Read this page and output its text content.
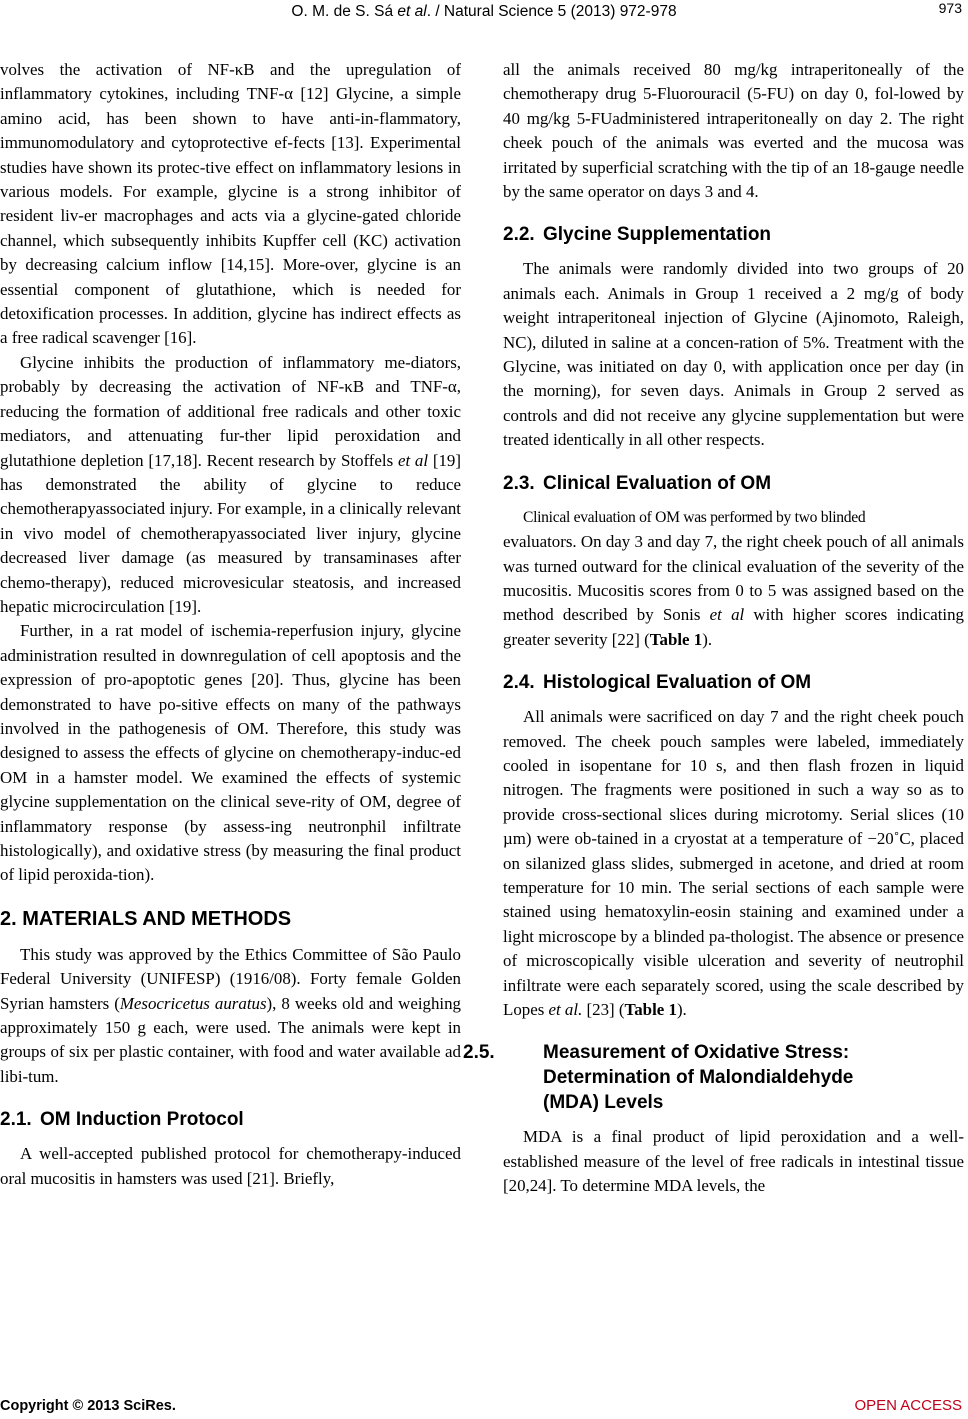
O. M. de S. Sá et al. / Natural Science 5 (2013) 972-978	973

volves the activation of NF-κB and the upregulation of inflammatory cytokines, including TNF-α [12] Glycine, a simple amino acid, has been shown to have anti-in-flammatory, immunomodulatory and cytoprotective ef-fects [13]. Experimental studies have shown its protec-tive effect on inflammatory lesions in various models. For example, glycine is a strong inhibitor of resident liv-er macrophages and acts via a glycine-gated chloride channel, which subsequently inhibits Kupffer cell (KC) activation by decreasing calcium inflow [14,15]. More-over, glycine is an essential component of glutathione, which is needed for detoxification processes. In addition, glycine has indirect effects as a free radical scavenger [16].

Glycine inhibits the production of inflammatory me-diators, probably by decreasing the activation of NF-κB and TNF-α, reducing the formation of additional free radicals and other toxic mediators, and attenuating fur-ther lipid peroxidation and glutathione depletion [17,18]. Recent research by Stoffels et al [19] has demonstrated the ability of glycine to reduce chemotherapyassociated injury. For example, in a clinically relevant in vivo model of chemotherapyassociated liver injury, glycine decreased liver damage (as measured by transaminases after chemo-therapy), reduced microvesicular steatosis, and increased hepatic microcirculation [19].

Further, in a rat model of ischemia-reperfusion injury, glycine administration resulted in downregulation of cell apoptosis and the expression of pro-apoptotic genes [20]. Thus, glycine has been demonstrated to have po-sitive effects on many of the pathways involved in the pathogenesis of OM. Therefore, this study was designed to assess the effects of glycine on chemotherapy-induc-ed OM in a hamster model. We examined the effects of systemic glycine supplementation on the clinical seve-rity of OM, degree of inflammatory response (by assess-ing neutronphil infiltrate histologically), and oxidative stress (by measuring the final product of lipid peroxida-tion).

2. MATERIALS AND METHODS

This study was approved by the Ethics Committee of São Paulo Federal University (UNIFESP) (1916/08). Forty female Golden Syrian hamsters (Mesocricetus auratus), 8 weeks old and weighing approximately 150 g each, were used. The animals were kept in groups of six per plastic container, with food and water available ad libi-tum.

2.1. OM Induction Protocol

A well-accepted published protocol for chemotherapy-induced oral mucositis in hamsters was used [21]. Briefly,

all the animals received 80 mg/kg intraperitoneally of the chemotherapy drug 5-Fluorouracil (5-FU) on day 0, fol-lowed by 40 mg/kg 5-FUadministered intraperitoneally on day 2. The right cheek pouch of the animals was everted and the mucosa was irritated by superficial scratching with the tip of an 18-gauge needle by the same operator on days 3 and 4.

2.2. Glycine Supplementation

The animals were randomly divided into two groups of 20 animals each. Animals in Group 1 received a 2 mg/g of body weight intraperitoneal injection of Glycine (Ajinomoto, Raleigh, NC), diluted in saline at a concen-ration of 5%. Treatment with the Glycine, was initiated on day 0, with application once per day (in the morning), for seven days. Animals in Group 2 served as controls and did not receive any glycine supplementation but were treated identically in all other respects.

2.3. Clinical Evaluation of OM

Clinical evaluation of OM was performed by two blinded

evaluators. On day 3 and day 7, the right cheek pouch of all animals was turned outward for the clinical evaluation of the severity of the mucositis. Mucositis scores from 0 to 5 was assigned based on the method described by Sonis et al with higher scores indicating greater severity [22] (Table 1).

2.4. Histological Evaluation of OM

All animals were sacrificed on day 7 and the right cheek pouch removed. The cheek pouch samples were labeled, immediately cooled in isopentane for 10 s, and then flash frozen in liquid nitrogen. The fragments were positioned in such a way so as to provide cross-sectional slices during microtomy. Serial slices (10 µm) were ob-tained in a cryostat at a temperature of −20˚C, placed on silanized glass slides, submerged in acetone, and dried at room temperature for 10 min. The serial sections of each sample were stained using hematoxylin-eosin staining and examined under a light microscope by a blinded pa-thologist. The absence or presence of microscopically visible ulceration and severity of neutrophil infiltrate were each separately scored, using the scale described by Lopes et al. [23] (Table 1).

2.5.	Measurement of Oxidative Stress:
Determination of Malondialdehyde
(MDA) Levels

MDA is a final product of lipid peroxidation and a well-established measure of the level of free radicals in intestinal tissue [20,24]. To determine MDA levels, the

Copyright © 2013 SciRes.	OPEN ACCESS
